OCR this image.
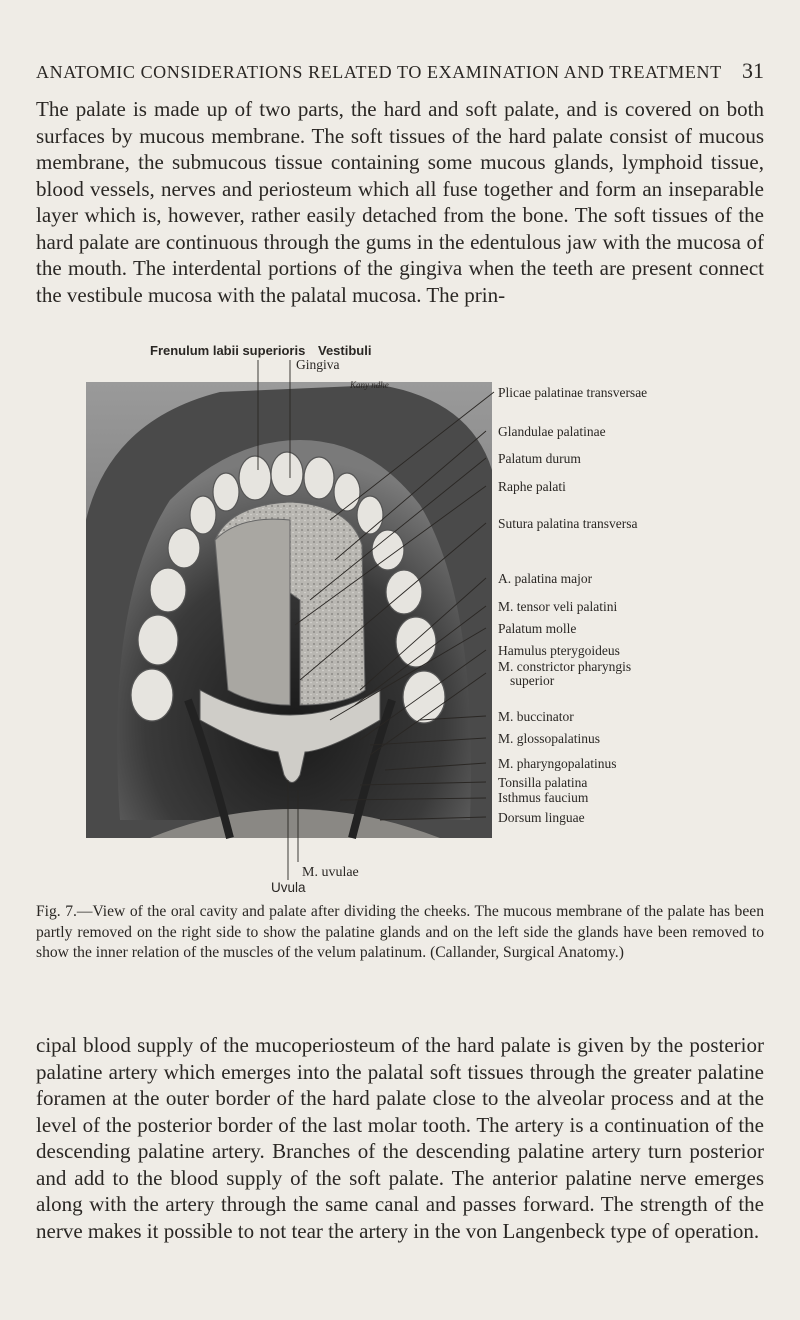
ANATOMIC CONSIDERATIONS RELATED TO EXAMINATION AND TREATMENT 31

The palate is made up of two parts, the hard and soft palate, and is covered on both surfaces by mucous membrane. The soft tissues of the hard palate consist of mucous membrane, the submucous tissue containing some mucous glands, lymphoid tissue, blood vessels, nerves and periosteum which all fuse together and form an inseparable layer which is, however, rather easily detached from the bone. The soft tissues of the hard palate are continuous through the gums in the edentulous jaw with the mucosa of the mouth. The interdental portions of the gingiva when the teeth are present connect the vestibule mucosa with the palatal mucosa. The prin-

Frenulum labii superioris Vestibuli
Gingiva
Kany ndhe	Plicae palatinae transversae
Glandulae palatinae
Palatum durum
Raphe palati
Sutura palatina transversa
A. palatina major
M. tensor veli palatini
Palatum molle
Hamulus pterygoideus
M. constrictor pharyngis
superior
M. buccinator
M. glossopalatinus
M. pharyngopalatinus
Tonsilla palatina
Isthmus faucium
Dorsum linguae
M. uvulae
Uvula

Fig. 7.—View of the oral cavity and palate after dividing the cheeks. The mucous membrane of the palate has been partly removed on the right side to show the palatine glands and on the left side the glands have been removed to show the inner relation of the muscles of the velum palatinum. (Callander, Surgical Anatomy.)

cipal blood supply of the mucoperiosteum of the hard palate is given by the posterior palatine artery which emerges into the palatal soft tissues through the greater palatine foramen at the outer border of the hard palate close to the alveolar process and at the level of the posterior border of the last molar tooth. The artery is a continuation of the descending palatine artery. Branches of the descending palatine artery turn posterior and add to the blood supply of the soft palate. The anterior palatine nerve emerges along with the artery through the same canal and passes forward. The strength of the nerve makes it possible to not tear the artery in the von Langenbeck type of operation.
